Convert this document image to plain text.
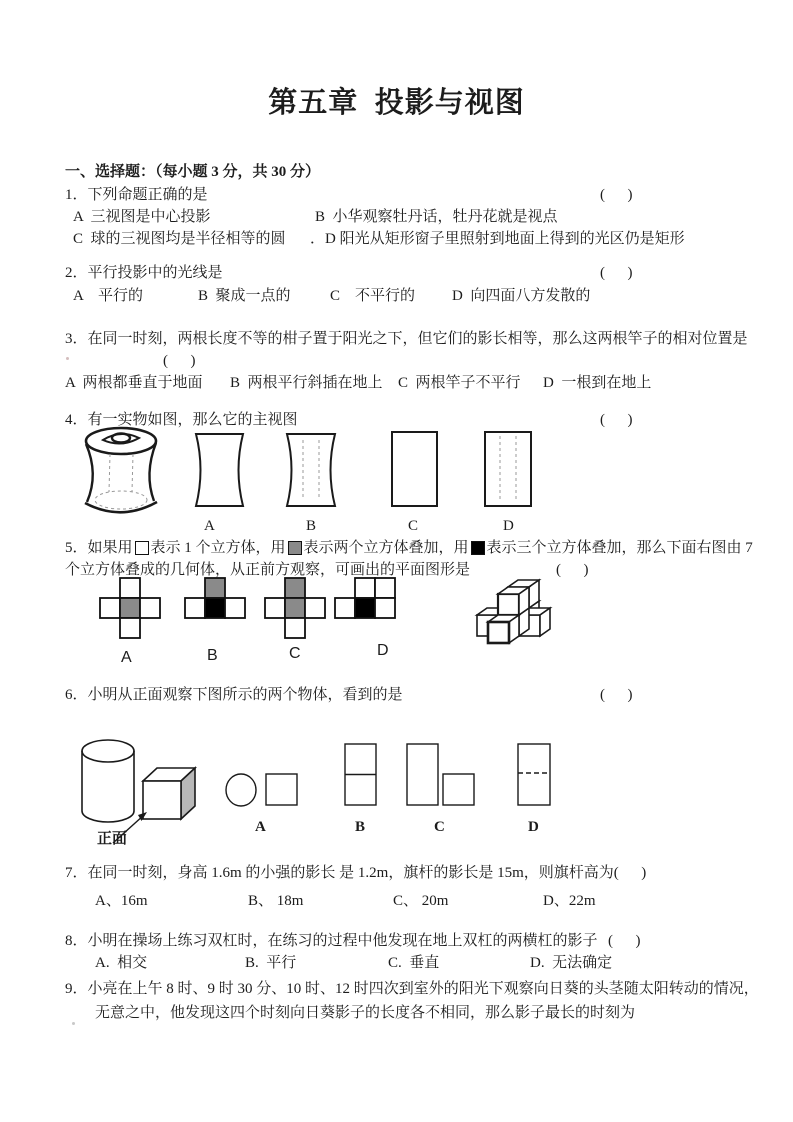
第五章  投影与视图
一、选择题：（每小题 3 分，共 30 分）
1．下列命题正确的是	(      )
A  三视图是中心投影	B  小华观察牡丹话，牡丹花就是视点
C  球的三视图均是半径相等的圆 ．D 阳光从矩形窗子里照射到地面上得到的光区仍是矩形
2．平行投影中的光线是	(      )
A    平行的	B  聚成一点的	C    不平行的 D  向四面八方发散的
3．在同一时刻，两根长度不等的柑子置于阳光之下，但它们的影长相等，那么这两根竿子的相对位置是
(      )
A  两根都垂直于地面 B  两根平行斜插在地上 C  两根竿子不平行 D  一根到在地上
4．有一实物如图，那么它的主视图	(      )
A	B	C	D
5．如果用 表示 1 个立方体，用 表示两个立方体叠加，用 表示三个立方体叠加，那么下面右图由 7
个立方体叠成的几何体，从正前方观察，可画出的平面图形是	(      )
A	B	C	D
6．小明从正面观察下图所示的两个物体，看到的是	(      )
正面
A	B	C	D
7．在同一时刻，身高 1.6m 的小强的影长 是 1.2m，旗杆的影长是 15m，则旗杆高为(      )
A、16m	B、 18m	C、 20m	D、22m
8．小明在操场上练习双杠时，在练习的过程中他发现在地上双杠的两横杠的影子 (      )
A.  相交	B.  平行	C.  垂直	D.  无法确定
9．小亮在上午 8 时、9 时 30 分、10 时、12 时四次到室外的阳光下观察向日葵的头茎随太阳转动的情况，
无意之中，他发现这四个时刻向日葵影子的长度各不相同，那么影子最长的时刻为
